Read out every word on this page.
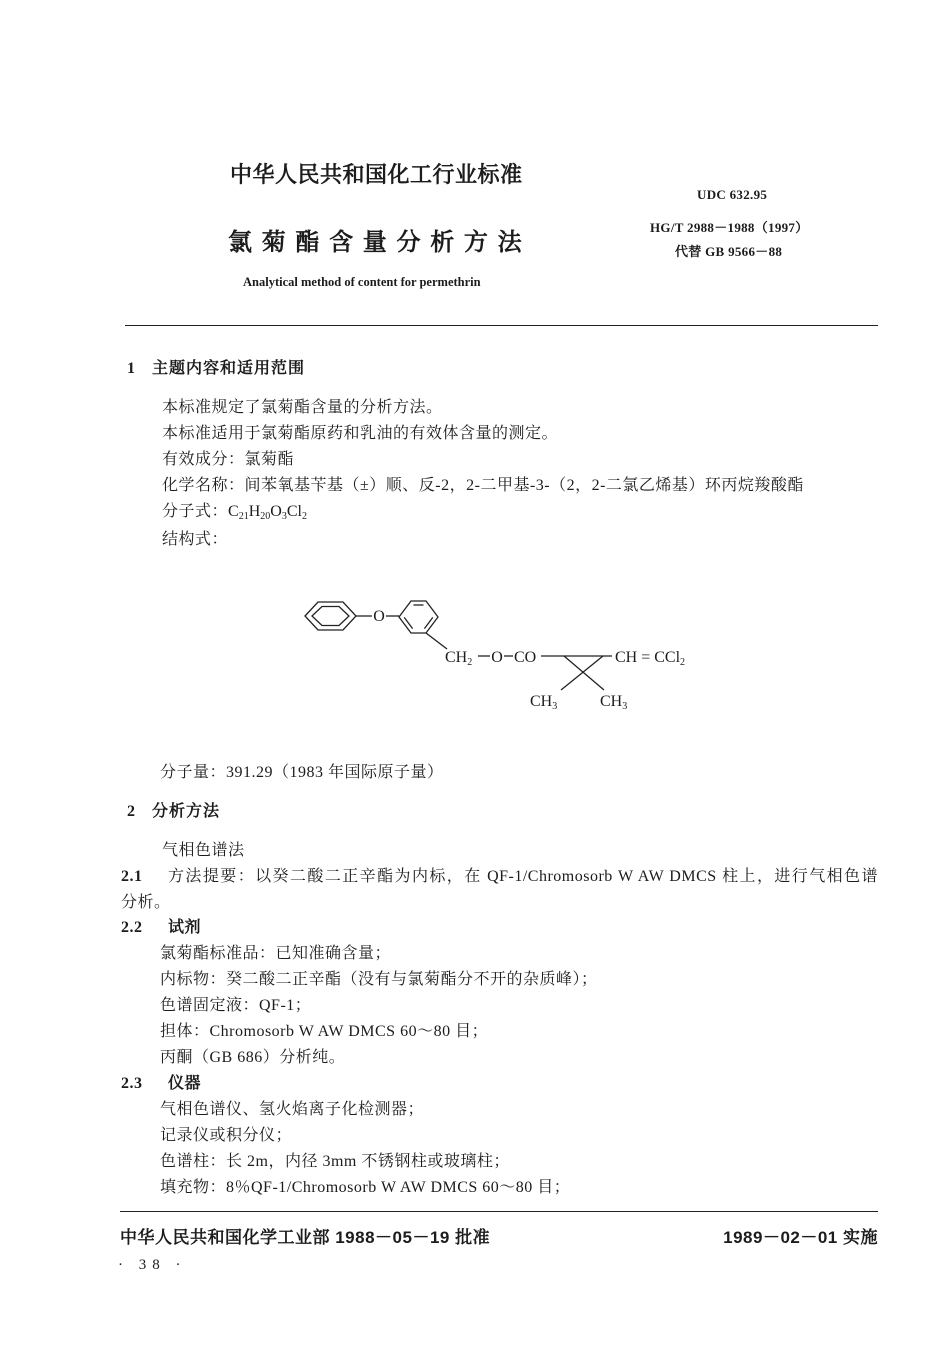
中华人民共和国化工行业标准
UDC 632.95
氯菊酯含量分析方法
HG/T 2988－1988（1997）
代替 GB 9566－88
Analytical method of content for permethrin
1 主题内容和适用范围
本标准规定了氯菊酯含量的分析方法。
本标准适用于氯菊酯原药和乳油的有效体含量的测定。
有效成分：氯菊酯
化学名称：间苯氧基苄基（±）顺、反-2，2-二甲基-3-（2，2-二氯乙烯基）环丙烷羧酸酯
分子式：$C_{21}H_{20}O_3Cl_2$
结构式：
O
CH2 O CO	CH = CCl2
CH3	CH3
分子量：391.29（1983 年国际原子量）
2 分析方法
气相色谱法
2.1 方法提要：以癸二酸二正辛酯为内标，在 QF-1/Chromosorb W AW DMCS 柱上，进行气相色谱
分析。
2.2 试剂
氯菊酯标准品：已知准确含量；
内标物：癸二酸二正辛酯（没有与氯菊酯分不开的杂质峰）；
色谱固定液：QF-1；
担体：Chromosorb W AW DMCS 60～80 目；
丙酮（GB 686）分析纯。
2.3 仪器
气相色谱仪、氢火焰离子化检测器；
记录仪或积分仪；
色谱柱：长 2m，内径 3mm 不锈钢柱或玻璃柱；
填充物：8％QF-1/Chromosorb W AW DMCS 60～80 目；
中华人民共和国化学工业部 1988－05－19 批准	1989－02－01 实施
· 38 ·
